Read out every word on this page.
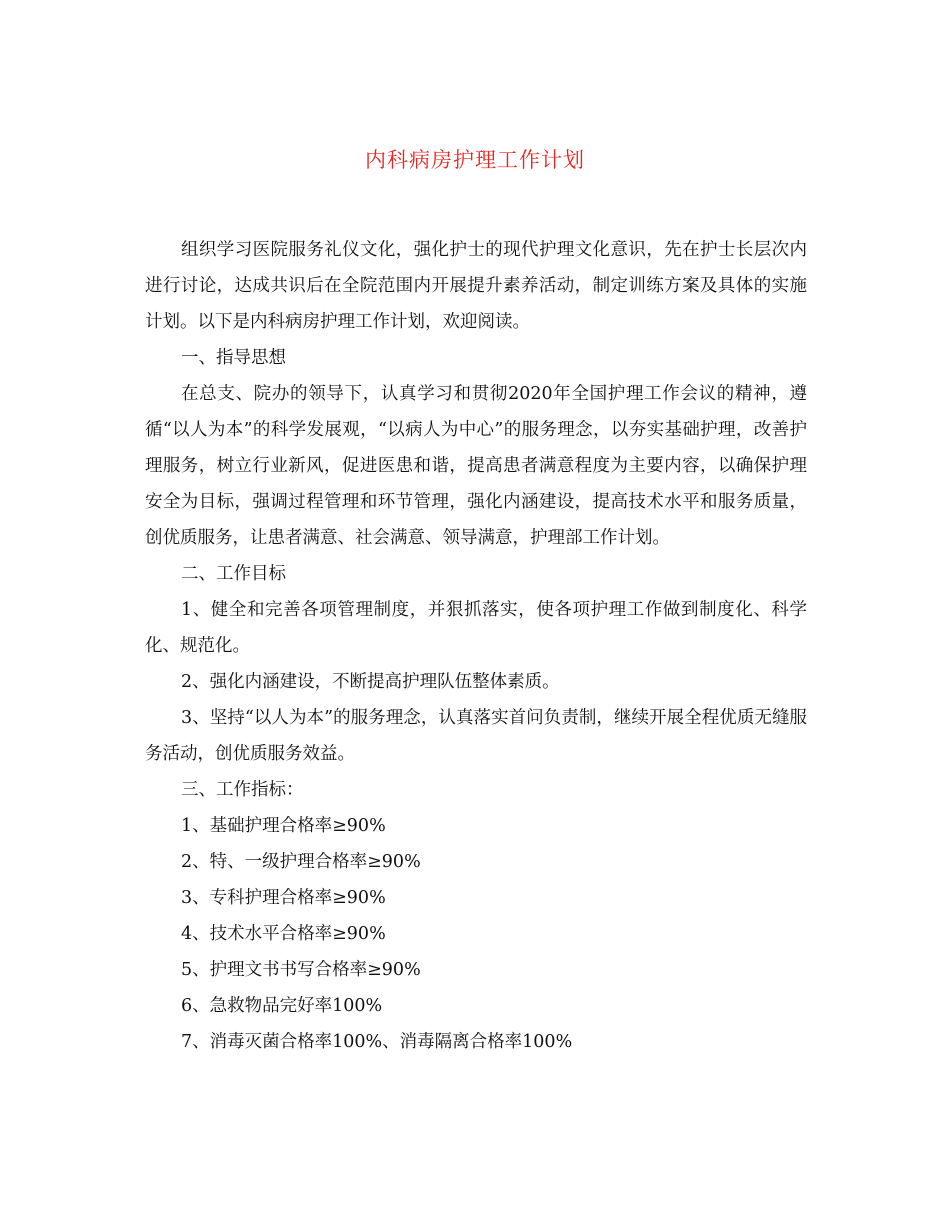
内科病房护理工作计划

组织学习医院服务礼仪文化，强化护士的现代护理文化意识，先在护士长层次内进行讨论，达成共识后在全院范围内开展提升素养活动，制定训练方案及具体的实施计划。以下是内科病房护理工作计划，欢迎阅读。

一、指导思想

在总支、院办的领导下，认真学习和贯彻2020年全国护理工作会议的精神，遵循“以人为本”的科学发展观，“以病人为中心”的服务理念，以夯实基础护理，改善护理服务，树立行业新风，促进医患和谐，提高患者满意程度为主要内容，以确保护理安全为目标，强调过程管理和环节管理，强化内涵建设，提高技术水平和服务质量，创优质服务，让患者满意、社会满意、领导满意，护理部工作计划。

二、工作目标

1、健全和完善各项管理制度，并狠抓落实，使各项护理工作做到制度化、科学化、规范化。

2、强化内涵建设，不断提高护理队伍整体素质。

3、坚持“以人为本”的服务理念，认真落实首问负责制，继续开展全程优质无缝服务活动，创优质服务效益。

三、工作指标：

1、基础护理合格率≥90%

2、特、一级护理合格率≥90%

3、专科护理合格率≥90%

4、技术水平合格率≥90%

5、护理文书书写合格率≥90%

6、急救物品完好率100%

7、消毒灭菌合格率100%、消毒隔离合格率100%
